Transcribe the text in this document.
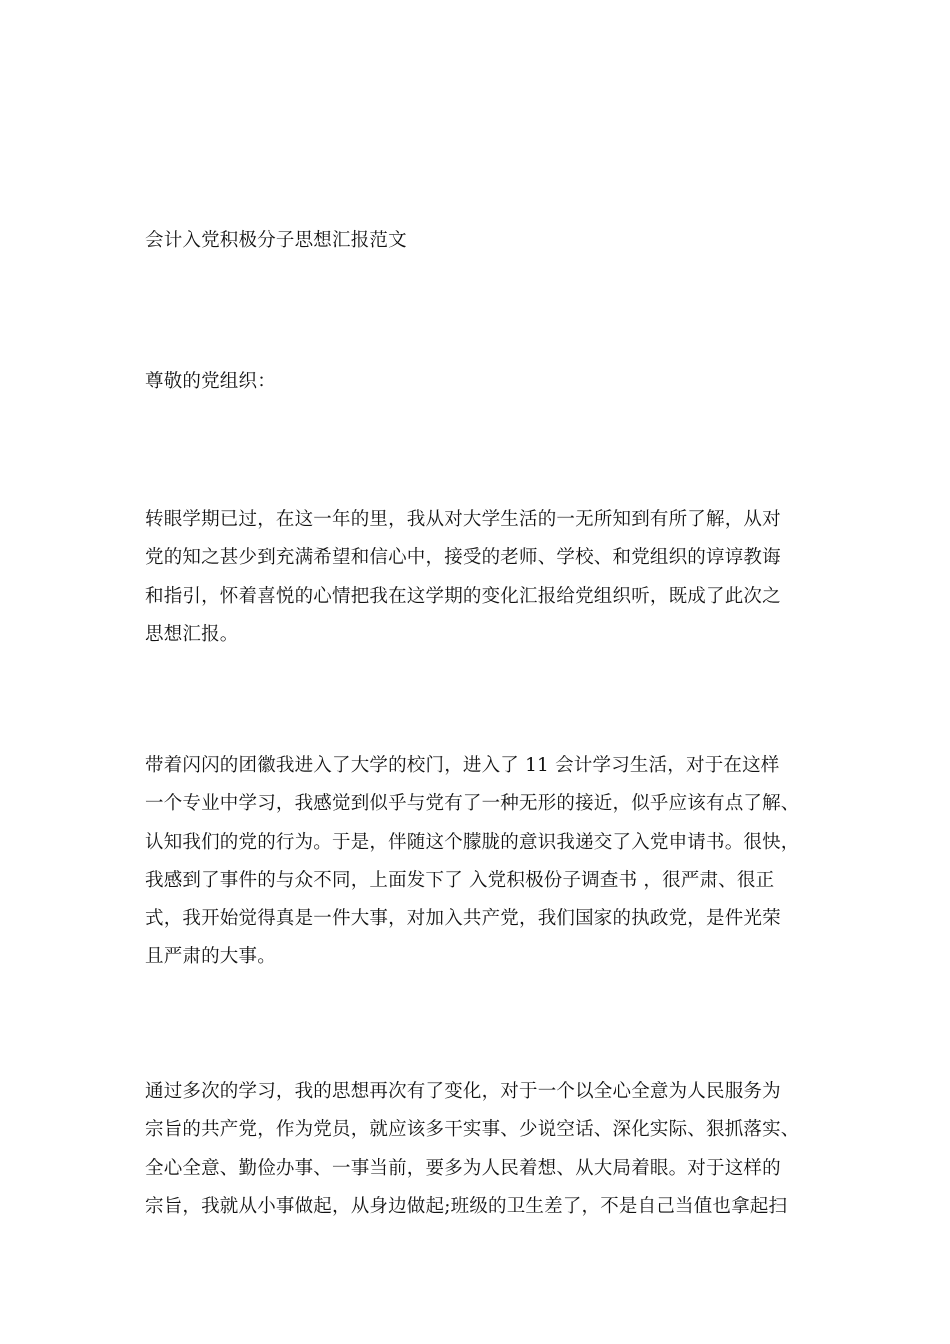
会计入党积极分子思想汇报范文

尊敬的党组织：

转眼学期已过，在这一年的里，我从对大学生活的一无所知到有所了解，从对
党的知之甚少到充满希望和信心中，接受的老师、学校、和党组织的谆谆教诲
和指引，怀着喜悦的心情把我在这学期的变化汇报给党组织听，既成了此次之
思想汇报。
带着闪闪的团徽我进入了大学的校门，进入了 11 会计学习生活，对于在这样
一个专业中学习，我感觉到似乎与党有了一种无形的接近，似乎应该有点了解、
认知我们的党的行为。于是，伴随这个朦胧的意识我递交了入党申请书。很快，
我感到了事件的与众不同，上面发下了 入党积极份子调查书 ，很严肃、很正
式，我开始觉得真是一件大事，对加入共产党，我们国家的执政党，是件光荣
且严肃的大事。
通过多次的学习，我的思想再次有了变化，对于一个以全心全意为人民服务为
宗旨的共产党，作为党员，就应该多干实事、少说空话、深化实际、狠抓落实、
全心全意、勤俭办事、一事当前，要多为人民着想、从大局着眼。对于这样的
宗旨，我就从小事做起，从身边做起;班级的卫生差了，不是自己当值也拿起扫
